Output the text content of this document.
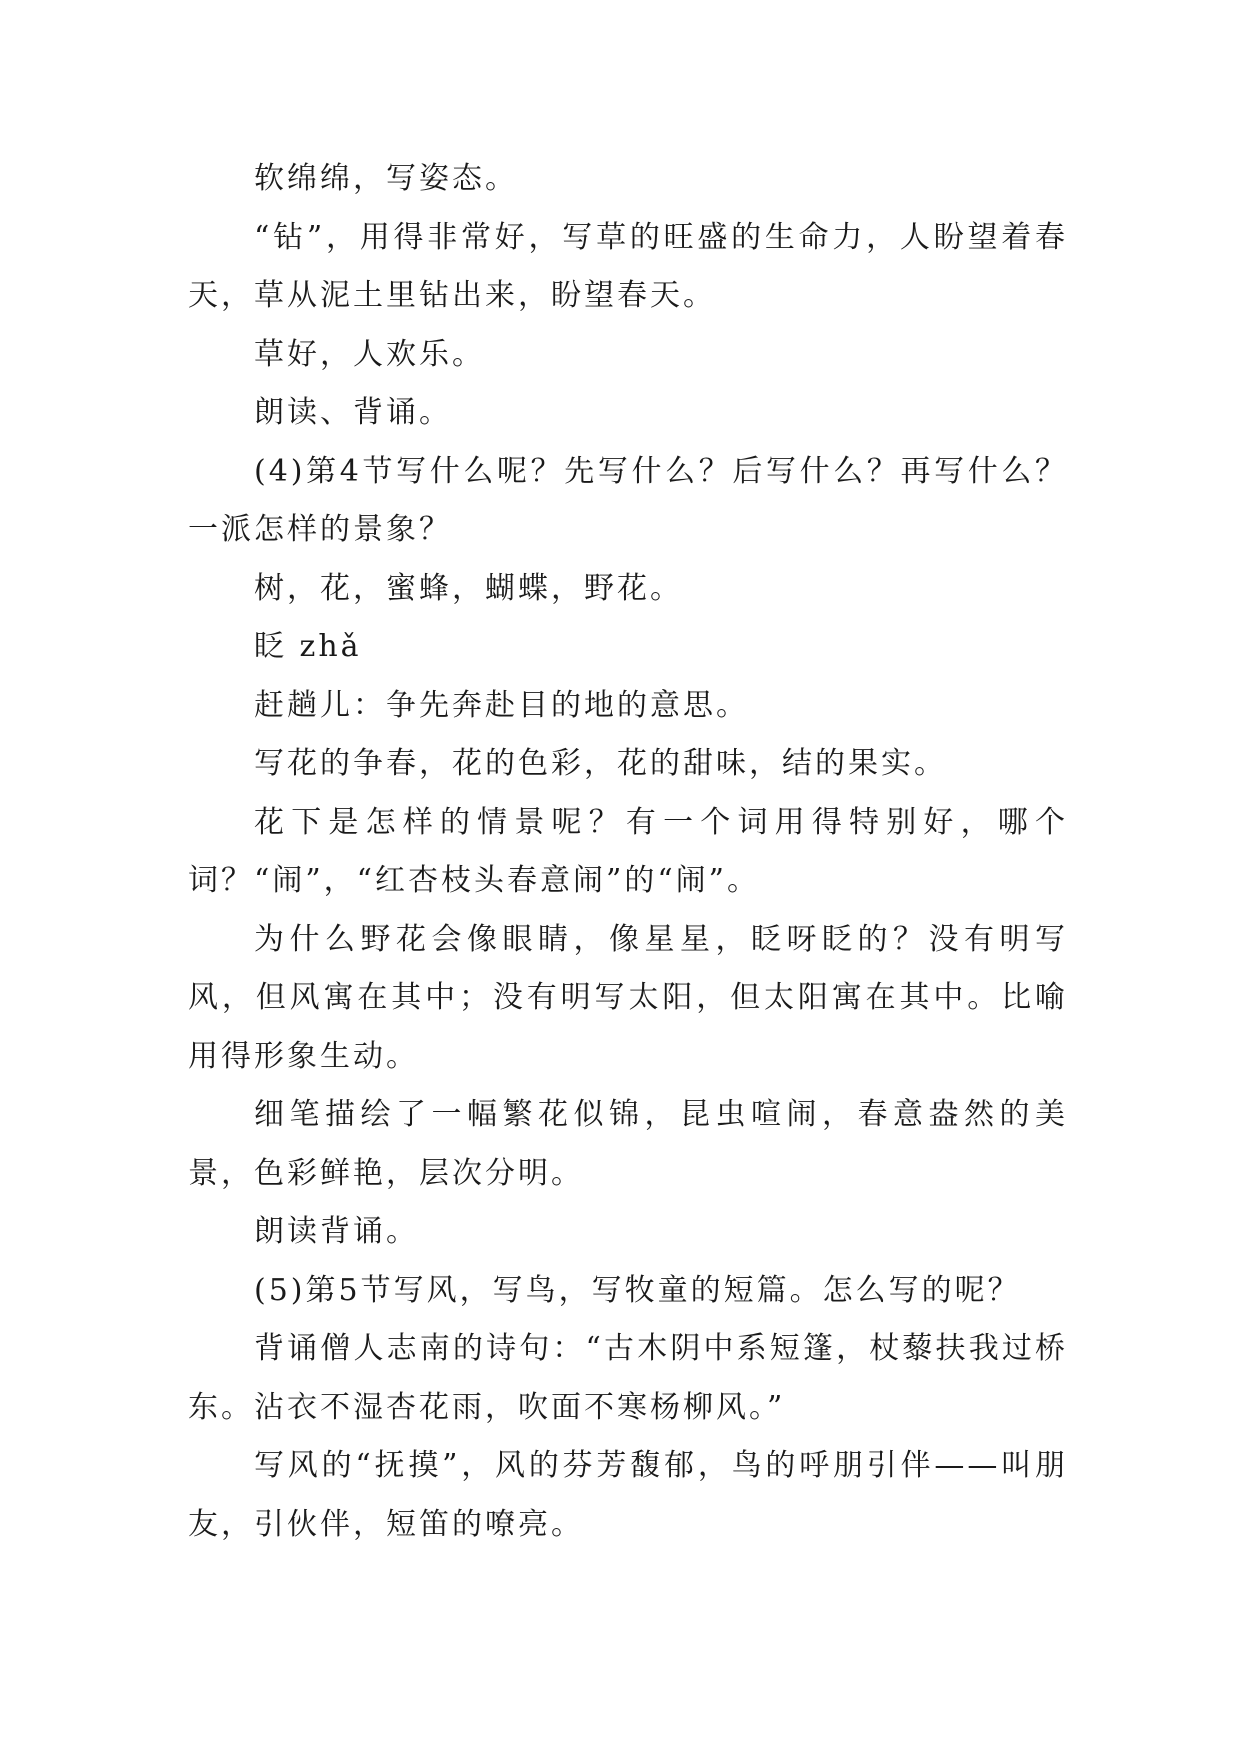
软绵绵，写姿态。

“钻”，用得非常好，写草的旺盛的生命力，人盼望着春天，草从泥土里钻出来，盼望春天。

草好，人欢乐。

朗读、背诵。

(4)第4节写什么呢？先写什么？后写什么？再写什么？一派怎样的景象？

树，花，蜜蜂，蝴蝶，野花。

眨 zhǎ

赶趟儿：争先奔赴目的地的意思。

写花的争春，花的色彩，花的甜味，结的果实。

花下是怎样的情景呢？有一个词用得特别好，哪个词？“闹”，“红杏枝头春意闹”的“闹”。

为什么野花会像眼睛，像星星，眨呀眨的？没有明写风，但风寓在其中；没有明写太阳，但太阳寓在其中。比喻用得形象生动。

细笔描绘了一幅繁花似锦，昆虫喧闹，春意盎然的美景，色彩鲜艳，层次分明。

朗读背诵。

(5)第5节写风，写鸟，写牧童的短篇。怎么写的呢？

背诵僧人志南的诗句：“古木阴中系短篷，杖藜扶我过桥东。沾衣不湿杏花雨，吹面不寒杨柳风。”

写风的“抚摸”，风的芬芳馥郁，鸟的呼朋引伴——叫朋友，引伙伴，短笛的嘹亮。
